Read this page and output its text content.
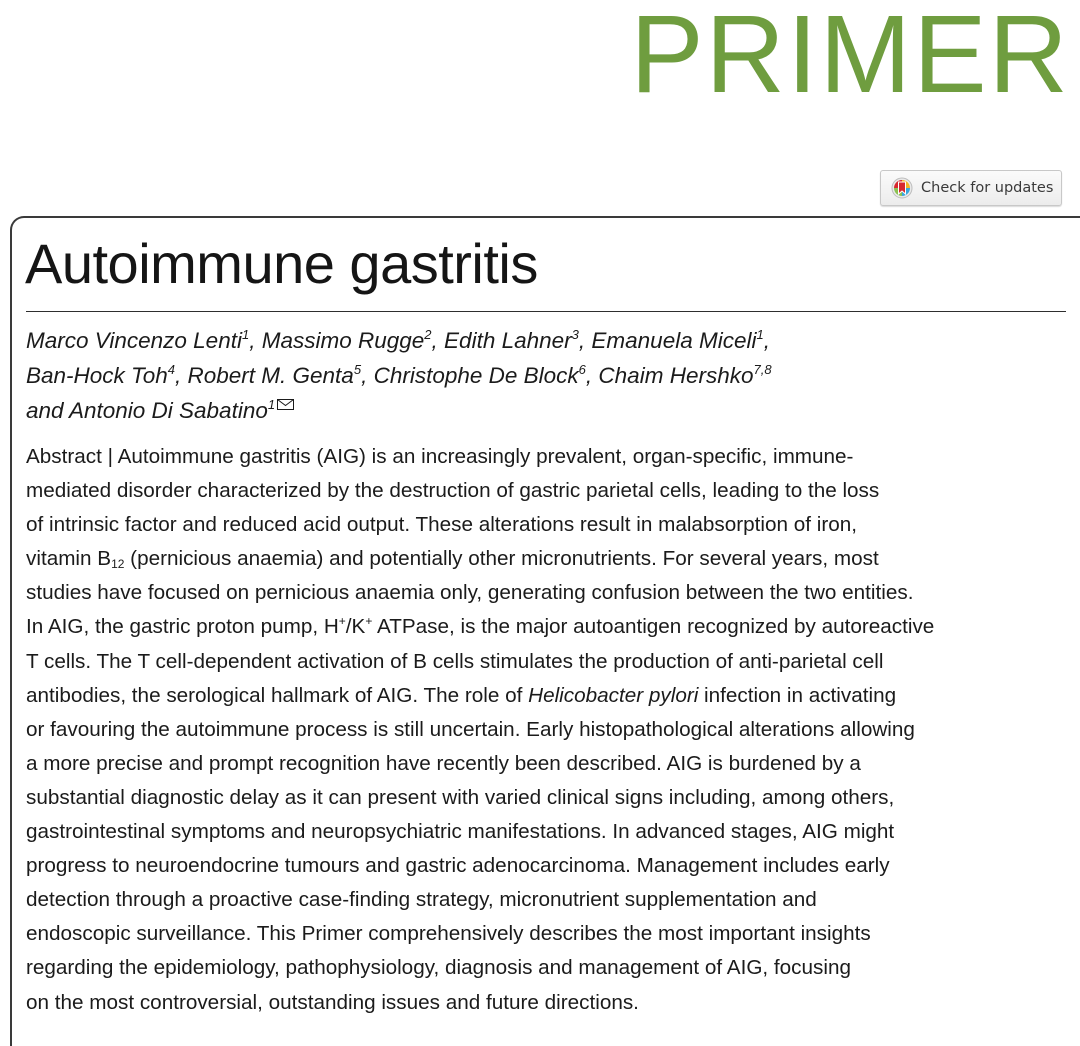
PRIMER
Check for updates
Autoimmune gastritis

Marco Vincenzo Lenti$^1$, Massimo Rugge$^2$, Edith Lahner$^3$, Emanuela Miceli$^1$,
Ban-Hock Toh$^4$, Robert M. Genta$^5$, Christophe De Block$^6$, Chaim Hershko$^{7,8}$
and Antonio Di Sabatino$^1$

Abstract | Autoimmune gastritis (AIG) is an increasingly prevalent, organ-specific, immune-
mediated disorder characterized by the destruction of gastric parietal cells, leading to the loss
of intrinsic factor and reduced acid output. These alterations result in malabsorption of iron,
vitamin $B_{12}$ (pernicious anaemia) and potentially other micronutrients. For several years, most
studies have focused on pernicious anaemia only, generating confusion between the two entities.
In AIG, the gastric proton pump, H+/K+ ATPase, is the major autoantigen recognized by autoreactive
T cells. The T cell-dependent activation of B cells stimulates the production of anti-parietal cell
antibodies, the serological hallmark of AIG. The role of Helicobacter pylori infection in activating
or favouring the autoimmune process is still uncertain. Early histopathological alterations allowing
a more precise and prompt recognition have recently been described. AIG is burdened by a
substantial diagnostic delay as it can present with varied clinical signs including, among others,
gastrointestinal symptoms and neuropsychiatric manifestations. In advanced stages, AIG might
progress to neuroendocrine tumours and gastric adenocarcinoma. Management includes early
detection through a proactive case-finding strategy, micronutrient supplementation and
endoscopic surveillance. This Primer comprehensively describes the most important insights
regarding the epidemiology, pathophysiology, diagnosis and management of AIG, focusing
on the most controversial, outstanding issues and future directions.
